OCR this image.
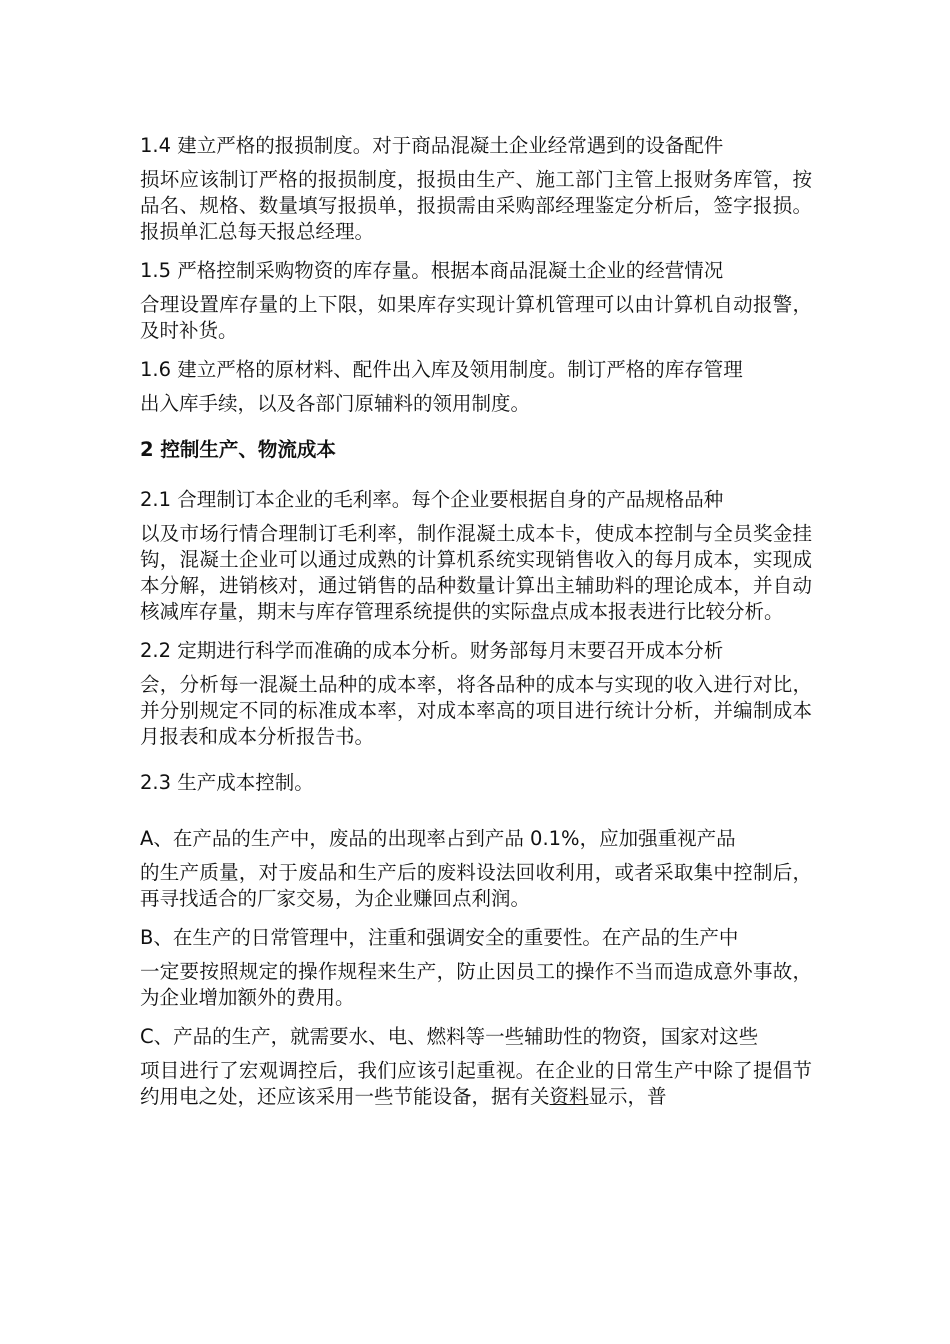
1.4 建立严格的报损制度。对于商品混凝土企业经常遇到的设备配件
损坏应该制订严格的报损制度，报损由生产、施工部门主管上报财务库管，按品名、规格、数量填写报损单，报损需由采购部经理鉴定分析后，签字报损。报损单汇总每天报总经理。

1.5 严格控制采购物资的库存量。根据本商品混凝土企业的经营情况
合理设置库存量的上下限，如果库存实现计算机管理可以由计算机自动报警，及时补货。

1.6 建立严格的原材料、配件出入库及领用制度。制订严格的库存管理
出入库手续，以及各部门原辅料的领用制度。

2 控制生产、物流成本

2.1 合理制订本企业的毛利率。每个企业要根据自身的产品规格品种
以及市场行情合理制订毛利率，制作混凝土成本卡，使成本控制与全员奖金挂钩，混凝土企业可以通过成熟的计算机系统实现销售收入的每月成本，实现成本分解，进销核对，通过销售的品种数量计算出主辅助料的理论成本，并自动核减库存量，期末与库存管理系统提供的实际盘点成本报表进行比较分析。

2.2 定期进行科学而准确的成本分析。财务部每月末要召开成本分析
会，分析每一混凝土品种的成本率，将各品种的成本与实现的收入进行对比，并分别规定不同的标准成本率，对成本率高的项目进行统计分析，并编制成本月报表和成本分析报告书。

2.3 生产成本控制。

A、在产品的生产中，废品的出现率占到产品 0.1%，应加强重视产品
的生产质量，对于废品和生产后的废料设法回收利用，或者采取集中控制后，再寻找适合的厂家交易，为企业赚回点利润。

B、在生产的日常管理中，注重和强调安全的重要性。在产品的生产中
一定要按照规定的操作规程来生产，防止因员工的操作不当而造成意外事故，为企业增加额外的费用。

C、产品的生产，就需要水、电、燃料等一些辅助性的物资，国家对这些
项目进行了宏观调控后，我们应该引起重视。在企业的日常生产中除了提倡节约用电之处，还应该采用一些节能设备，据有关资料显示，普
